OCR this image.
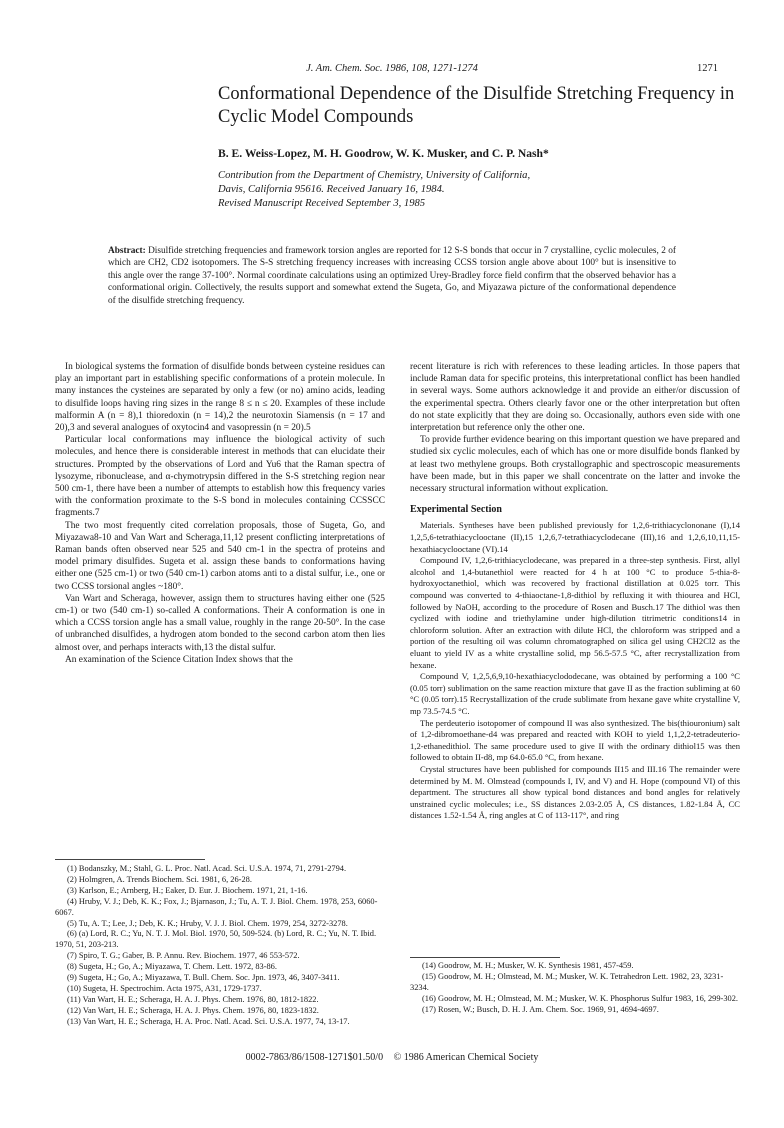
J. Am. Chem. Soc. 1986, 108, 1271-1274	1271
Conformational Dependence of the Disulfide Stretching Frequency in Cyclic Model Compounds
B. E. Weiss-Lopez, M. H. Goodrow, W. K. Musker, and C. P. Nash*
Contribution from the Department of Chemistry, University of California,
Davis, California 95616. Received January 16, 1984.
Revised Manuscript Received September 3, 1985
Abstract: Disulfide stretching frequencies and framework torsion angles are reported for 12 S-S bonds that occur in 7 crystalline, cyclic molecules, 2 of which are CH2, CD2 isotopomers. The S-S stretching frequency increases with increasing CCSS torsion angle above about 100° but is insensitive to this angle over the range 37-100°. Normal coordinate calculations using an optimized Urey-Bradley force field confirm that the observed behavior has a conformational origin. Collectively, the results support and somewhat extend the Sugeta, Go, and Miyazawa picture of the conformational dependence of the disulfide stretching frequency.

In biological systems the formation of disulfide bonds between cysteine residues can play an important part in establishing specific conformations of a protein molecule. In many instances the cysteines are separated by only a few (or no) amino acids, leading to disulfide loops having ring sizes in the range 8 ≤ n ≤ 20. Examples of these include malformin A (n = 8),1 thioredoxin (n = 14),2 the neurotoxin Siamensis (n = 17 and 20),3 and several analogues of oxytocin4 and vasopressin (n = 20).5

Particular local conformations may influence the biological activity of such molecules, and hence there is considerable interest in methods that can elucidate their structures. Prompted by the observations of Lord and Yu6 that the Raman spectra of lysozyme, ribonuclease, and α-chymotrypsin differed in the S-S stretching region near 500 cm-1, there have been a number of attempts to establish how this frequency varies with the conformation proximate to the S-S bond in molecules containing CCSSCC fragments.7

The two most frequently cited correlation proposals, those of Sugeta, Go, and Miyazawa8-10 and Van Wart and Scheraga,11,12 present conflicting interpretations of Raman bands often observed near 525 and 540 cm-1 in the spectra of proteins and model primary disulfides. Sugeta et al. assign these bands to conformations having either one (525 cm-1) or two (540 cm-1) carbon atoms anti to a distal sulfur, i.e., one or two CCSS torsional angles ~180°.

Van Wart and Scheraga, however, assign them to structures having either one (525 cm-1) or two (540 cm-1) so-called A conformations. Their A conformation is one in which a CCSS torsion angle has a small value, roughly in the range 20-50°. In the case of unbranched disulfides, a hydrogen atom bonded to the second carbon atom then lies almost over, and perhaps interacts with,13 the distal sulfur.

An examination of the Science Citation Index shows that the

recent literature is rich with references to these leading articles. In those papers that include Raman data for specific proteins, this interpretational conflict has been handled in several ways. Some authors acknowledge it and provide an either/or discussion of the experimental spectra. Others clearly favor one or the other interpretation but often do not state explicitly that they are doing so. Occasionally, authors even side with one interpretation but reference only the other one.

To provide further evidence bearing on this important question we have prepared and studied six cyclic molecules, each of which has one or more disulfide bonds flanked by at least two methylene groups. Both crystallographic and spectroscopic measurements have been made, but in this paper we shall concentrate on the latter and invoke the necessary structural information without explication.

Experimental Section

Materials. Syntheses have been published previously for 1,2,6-trithiacyclononane (I),14 1,2,5,6-tetrathiacyclooctane (II),15 1,2,6,7-tetrathiacyclodecane (III),16 and 1,2,6,10,11,15-hexathiacyclooctane (VI).14

Compound IV, 1,2,6-trithiacyclodecane, was prepared in a three-step synthesis. First, allyl alcohol and 1,4-butanethiol were reacted for 4 h at 100 °C to produce 5-thia-8-hydroxyoctanethiol, which was recovered by fractional distillation at 0.025 torr. This compound was converted to 4-thiaoctane-1,8-dithiol by refluxing it with thiourea and HCl, followed by NaOH, according to the procedure of Rosen and Busch.17 The dithiol was then cyclized with iodine and triethylamine under high-dilution titrimetric conditions14 in chloroform solution. After an extraction with dilute HCl, the chloroform was stripped and a portion of the resulting oil was column chromatographed on silica gel using CH2Cl2 as the eluant to yield IV as a white crystalline solid, mp 56.5-57.5 °C, after recrystallization from hexane.

Compound V, 1,2,5,6,9,10-hexathiacyclododecane, was obtained by performing a 100 °C (0.05 torr) sublimation on the same reaction mixture that gave II as the fraction subliming at 60 °C (0.05 torr).15 Recrystallization of the crude sublimate from hexane gave white crystalline V, mp 73.5-74.5 °C.

The perdeuterio isotopomer of compound II was also synthesized. The bis(thiouronium) salt of 1,2-dibromoethane-d4 was prepared and reacted with KOH to yield 1,1,2,2-tetradeuterio-1,2-ethanedithiol. The same procedure used to give II with the ordinary dithiol15 was then followed to obtain II-d8, mp 64.0-65.0 °C, from hexane.

Crystal structures have been published for compounds II15 and III.16 The remainder were determined by M. M. Olmstead (compounds I, IV, and V) and H. Hope (compound VI) of this department. The structures all show typical bond distances and bond angles for relatively unstrained cyclic molecules; i.e., SS distances 2.03-2.05 Å, CS distances, 1.82-1.84 Å, CC distances 1.52-1.54 Å, ring angles at C of 113-117°, and ring

(1) Bodanszky, M.; Stahl, G. L. Proc. Natl. Acad. Sci. U.S.A. 1974, 71, 2791-2794.
(2) Holmgren, A. Trends Biochem. Sci. 1981, 6, 26-28.
(3) Karlson, E.; Arnberg, H.; Eaker, D. Eur. J. Biochem. 1971, 21, 1-16.
(4) Hruby, V. J.; Deb, K. K.; Fox, J.; Bjarnason, J.; Tu, A. T. J. Biol. Chem. 1978, 253, 6060-6067.
(5) Tu, A. T.; Lee, J.; Deb, K. K.; Hruby, V. J. J. Biol. Chem. 1979, 254, 3272-3278.
(6) (a) Lord, R. C.; Yu, N. T. J. Mol. Biol. 1970, 50, 509-524. (b) Lord, R. C.; Yu, N. T. Ibid. 1970, 51, 203-213.
(7) Spiro, T. G.; Gaber, B. P. Annu. Rev. Biochem. 1977, 46 553-572.
(8) Sugeta, H.; Go, A.; Miyazawa, T. Chem. Lett. 1972, 83-86.
(9) Sugeta, H.; Go, A.; Miyazawa, T. Bull. Chem. Soc. Jpn. 1973, 46, 3407-3411.
(10) Sugeta, H. Spectrochim. Acta 1975, A31, 1729-1737.
(11) Van Wart, H. E.; Scheraga, H. A. J. Phys. Chem. 1976, 80, 1812-1822.
(12) Van Wart, H. E.; Scheraga, H. A. J. Phys. Chem. 1976, 80, 1823-1832.
(13) Van Wart, H. E.; Scheraga, H. A. Proc. Natl. Acad. Sci. U.S.A. 1977, 74, 13-17.
(14) Goodrow, M. H.; Musker, W. K. Synthesis 1981, 457-459.
(15) Goodrow, M. H.; Olmstead, M. M.; Musker, W. K. Tetrahedron Lett. 1982, 23, 3231-3234.
(16) Goodrow, M. H.; Olmstead, M. M.; Musker, W. K. Phosphorus Sulfur 1983, 16, 299-302.
(17) Rosen, W.; Busch, D. H. J. Am. Chem. Soc. 1969, 91, 4694-4697.
0002-7863/86/1508-1271$01.50/0 © 1986 American Chemical Society
